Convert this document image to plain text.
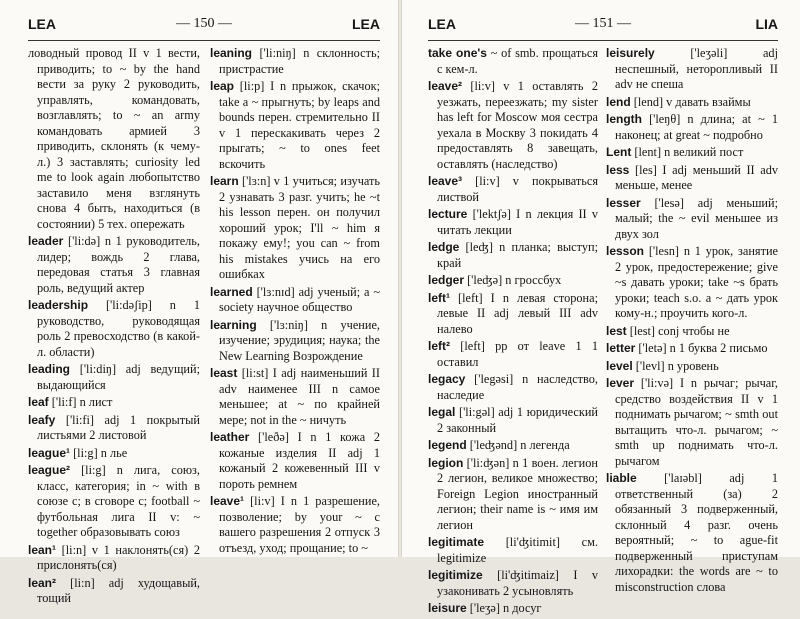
LEA	— 150 —	LEA

ловодный провод II v 1 вести, приводить; to ~ by the hand вести за руку 2 руководить, управлять, командовать, возглавлять; to ~ an army командовать армией 3 приводить, склонять (к чему-л.) 3 заставлять; curiosity led me to look again любопытство заставило меня взглянуть снова 4 быть, находиться (в состоянии) 5 тех. опережать

leader ['li:də] n 1 руководитель, лидер; вождь 2 глава, передовая статья 3 главная роль, ведущий актер

leadership ['li:dəʃip] n 1 руководство, руководящая роль 2 превосходство (в какой-л. области)

leading ['li:diŋ] adj ведущий; выдающийся

leaf ['li:f] n лист

leafy ['li:fi] adj 1 покрытый листьями 2 листовой

league¹ [li:g] n лье

league² [li:g] n лига, союз, класс, категория; in ~ with в союзе с; в сговоре с; football ~ футбольная лига II v: ~ together образовывать союз

lean¹ [li:n] v 1 наклонять(ся) 2 прислонять(ся)

lean² [li:n] adj худощавый, тощий

leaning ['li:niŋ] n склонность; пристрастие

leap [li:p] I n прыжок, скачок; take a ~ прыгнуть; by leaps and bounds перен. стремительно II v 1 перескакивать через 2 прыгать; ~ to ones feet вскочить

learn ['lɜ:n] v 1 учиться; изучать 2 узнавать 3 разг. учить; he ~t his lesson перен. он получил хороший урок; I'll ~ him я покажу ему!; you can ~ from his mistakes учись на его ошибках

learned ['lɜ:nɪd] adj ученый; a ~ society научное общество

learning ['lɜ:niŋ] n учение, изучение; эрудиция; наука; the New Learning Возрождение

least [li:st] I adj наименьший II adv наименее III n самое меньшее; at ~ по крайней мере; not in the ~ ничуть

leather ['leðə] I n 1 кожа 2 кожаные изделия II adj 1 кожаный 2 кожевенный III v пороть ремнем

leave¹ [li:v] I n 1 разрешение, позволение; by your ~ с вашего разрешения 2 отпуск 3 отъезд, уход; прощание; to ~

LEA	— 151 —	LIA

take one's ~ of smb. прощаться с кем-л.

leave² [li:v] v 1 оставлять 2 уезжать, переезжать; my sister has left for Moscow моя сестра уехала в Москву 3 покидать 4 предоставлять 8 завещать, оставлять (наследство)

leave³ [li:v] v покрываться листвой

lecture ['lektʃə] I n лекция II v читать лекции

ledge [leʤ] n планка; выступ; край

ledger ['leʤə] n гроссбух

left¹ [left] I n левая сторона; левые II adj левый III adv налево

left² [left] pp от leave 1 1 оставил

legacy ['legəsi] n наследство, наследие

legal ['li:gəl] adj 1 юридический 2 законный

legend ['leʤənd] n легенда

legion ['li:ʤən] n 1 воен. легион 2 легион, великое множество; Foreign Legion иностранный легион; their name is ~ имя им легион

legitimate [li'ʤitimit] см. legitimize

legitimize [li'ʤitimaiz] I v узаконивать 2 усыновлять

leisure ['leʒə] n досуг

leisurely ['leʒəli] adj неспешный, неторопливый II adv не спеша

lend [lend] v давать взаймы

length ['leŋθ] n длина; at ~ 1 наконец; at great ~ подробно

Lent [lent] n великий пост

less [les] I adj меньший II adv меньше, менее

lesser ['lesə] adj меньший; малый; the ~ evil меньшее из двух зол

lesson ['lesn] n 1 урок, занятие 2 урок, предостережение; give ~s давать уроки; take ~s брать уроки; teach s.o. a ~ дать урок кому-н.; проучить кого-л.

lest [lest] conj чтобы не

letter ['letə] n 1 буква 2 письмо

level ['levl] n уровень

lever ['li:və] I n рычаг; рычаг, средство воздействия II v 1 поднимать рычагом; ~ smth out вытащить что-л. рычагом; ~ smth up поднимать что-л. рычагом

liable ['laɪəbl] adj 1 ответственный (за) 2 обязанный 3 подверженный, склонный 4 разг. очень вероятный; ~ to ague-fit подверженный приступам лихорадки: the words are ~ to misconstruction слова
